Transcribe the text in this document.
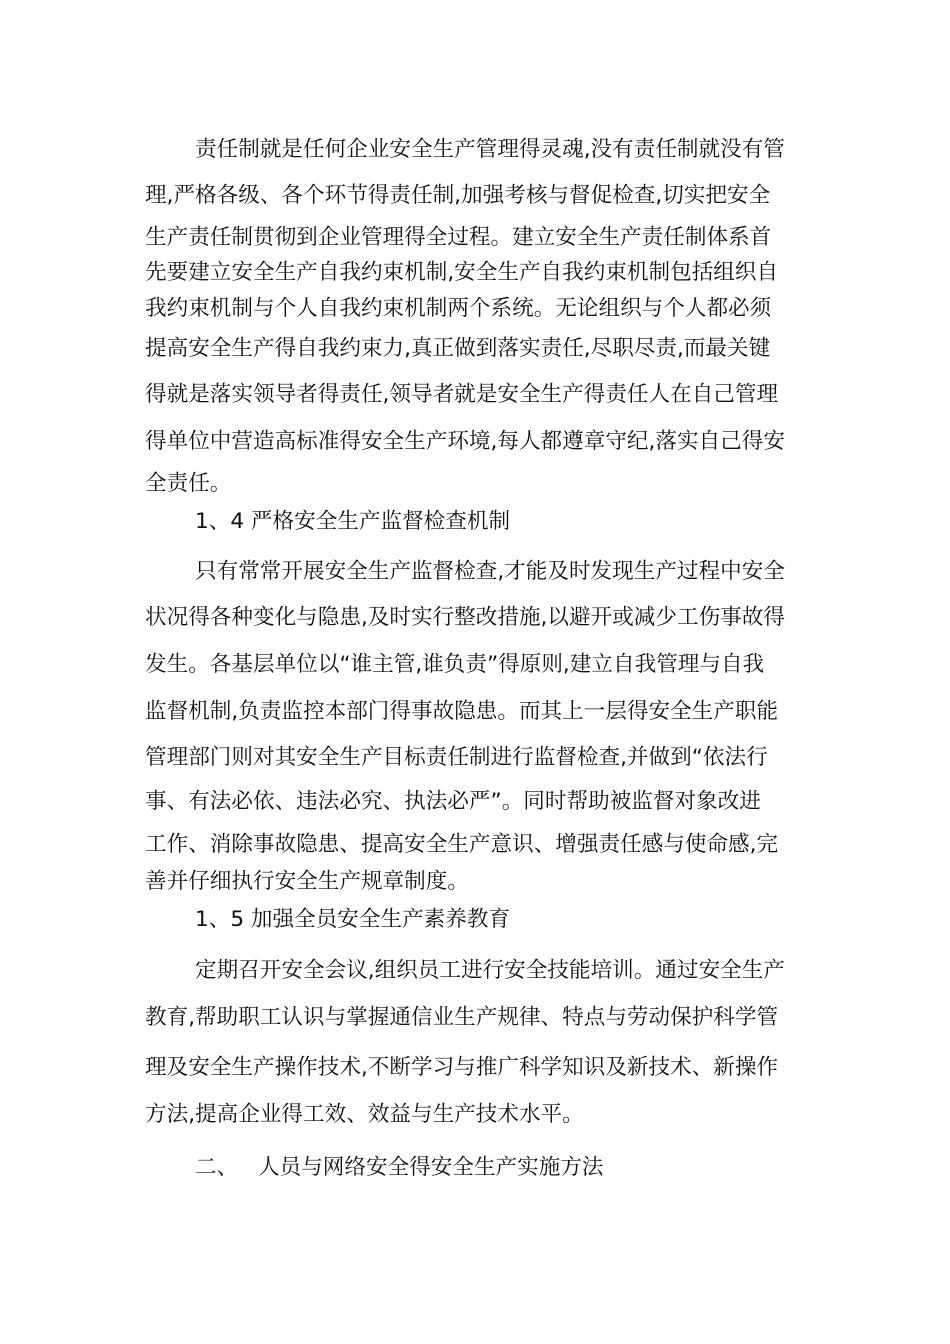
责任制就是任何企业安全生产管理得灵魂,没有责任制就没有管

理,严格各级、各个环节得责任制,加强考核与督促检查,切实把安全

生产责任制贯彻到企业管理得全过程。建立安全生产责任制体系首

先要建立安全生产自我约束机制,安全生产自我约束机制包括组织自

我约束机制与个人自我约束机制两个系统。无论组织与个人都必须

提高安全生产得自我约束力,真正做到落实责任,尽职尽责,而最关键

得就是落实领导者得责任,领导者就是安全生产得责任人在自己管理

得单位中营造高标准得安全生产环境,每人都遵章守纪,落实自己得安

全责任。

1、4 严格安全生产监督检查机制

只有常常开展安全生产监督检查,才能及时发现生产过程中安全

状况得各种变化与隐患,及时实行整改措施,以避开或减少工伤事故得

发生。各基层单位以“谁主管,谁负责”得原则,建立自我管理与自我

监督机制,负责监控本部门得事故隐患。而其上一层得安全生产职能

管理部门则对其安全生产目标责任制进行监督检查,并做到“依法行

事、有法必依、违法必究、执法必严”。同时帮助被监督对象改进

工作、消除事故隐患、提高安全生产意识、增强责任感与使命感,完

善并仔细执行安全生产规章制度。

1、5 加强全员安全生产素养教育

定期召开安全会议,组织员工进行安全技能培训。通过安全生产

教育,帮助职工认识与掌握通信业生产规律、特点与劳动保护科学管

理及安全生产操作技术,不断学习与推广科学知识及新技术、新操作

方法,提高企业得工效、效益与生产技术水平。

二、 人员与网络安全得安全生产实施方法
